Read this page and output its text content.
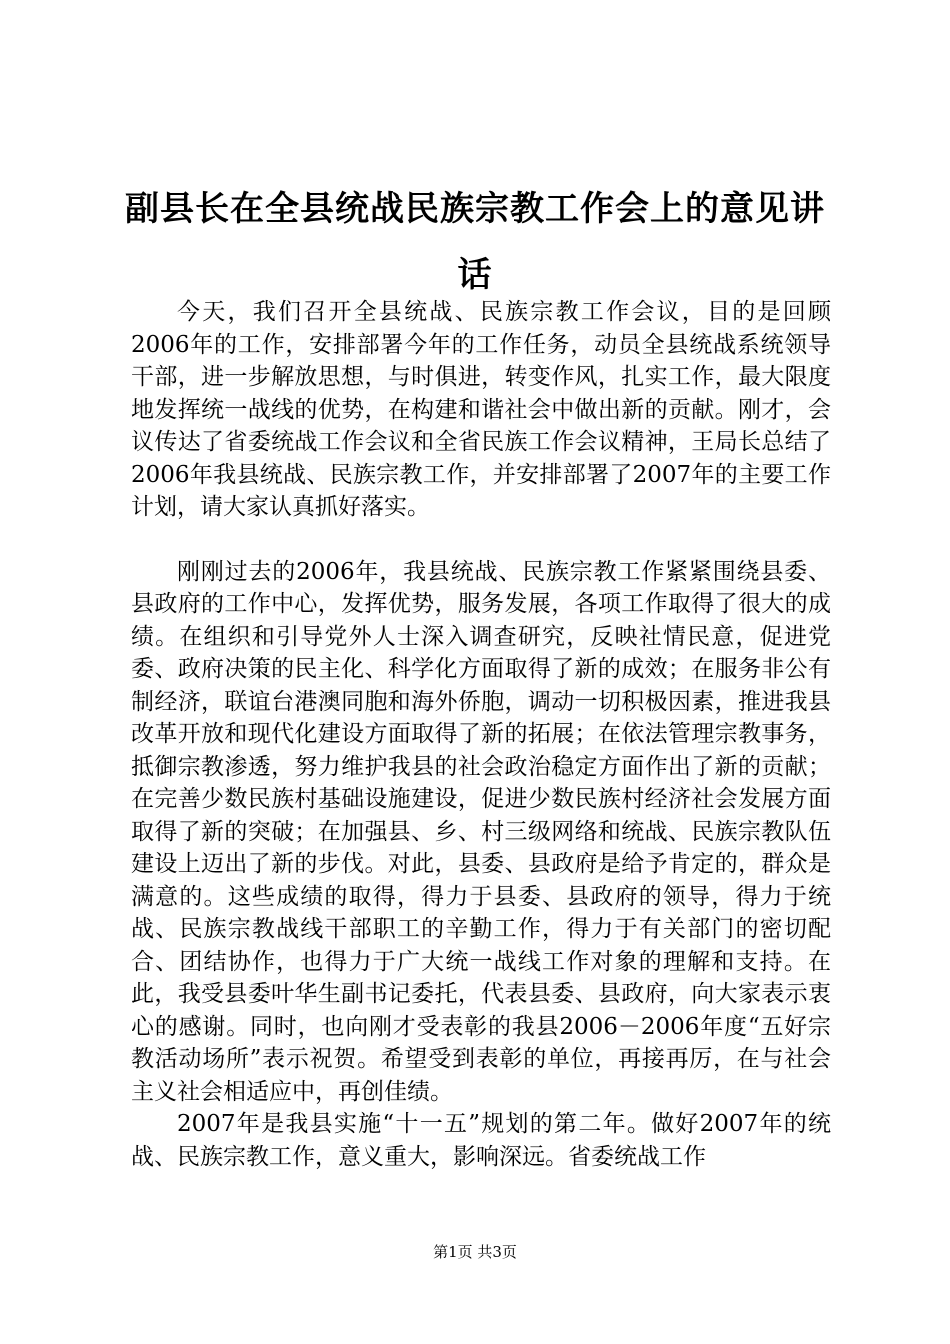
副县长在全县统战民族宗教工作会上的意见讲话

今天，我们召开全县统战、民族宗教工作会议，目的是回顾2006年的工作，安排部署今年的工作任务，动员全县统战系统领导干部，进一步解放思想，与时俱进，转变作风，扎实工作，最大限度地发挥统一战线的优势，在构建和谐社会中做出新的贡献。刚才，会议传达了省委统战工作会议和全省民族工作会议精神，王局长总结了2006年我县统战、民族宗教工作，并安排部署了2007年的主要工作计划，请大家认真抓好落实。

刚刚过去的2006年，我县统战、民族宗教工作紧紧围绕县委、县政府的工作中心，发挥优势，服务发展，各项工作取得了很大的成绩。在组织和引导党外人士深入调查研究，反映社情民意，促进党委、政府决策的民主化、科学化方面取得了新的成效；在服务非公有制经济，联谊台港澳同胞和海外侨胞，调动一切积极因素，推进我县改革开放和现代化建设方面取得了新的拓展；在依法管理宗教事务，抵御宗教渗透，努力维护我县的社会政治稳定方面作出了新的贡献；在完善少数民族村基础设施建设，促进少数民族村经济社会发展方面取得了新的突破；在加强县、乡、村三级网络和统战、民族宗教队伍建设上迈出了新的步伐。对此，县委、县政府是给予肯定的，群众是满意的。这些成绩的取得，得力于县委、县政府的领导，得力于统战、民族宗教战线干部职工的辛勤工作，得力于有关部门的密切配合、团结协作，也得力于广大统一战线工作对象的理解和支持。在此，我受县委叶华生副书记委托，代表县委、县政府，向大家表示衷心的感谢。同时，也向刚才受表彰的我县2006－2006年度“五好宗教活动场所”表示祝贺。希望受到表彰的单位，再接再厉，在与社会主义社会相适应中，再创佳绩。

2007年是我县实施“十一五”规划的第二年。做好2007年的统战、民族宗教工作，意义重大，影响深远。省委统战工作

第1页 共3页
